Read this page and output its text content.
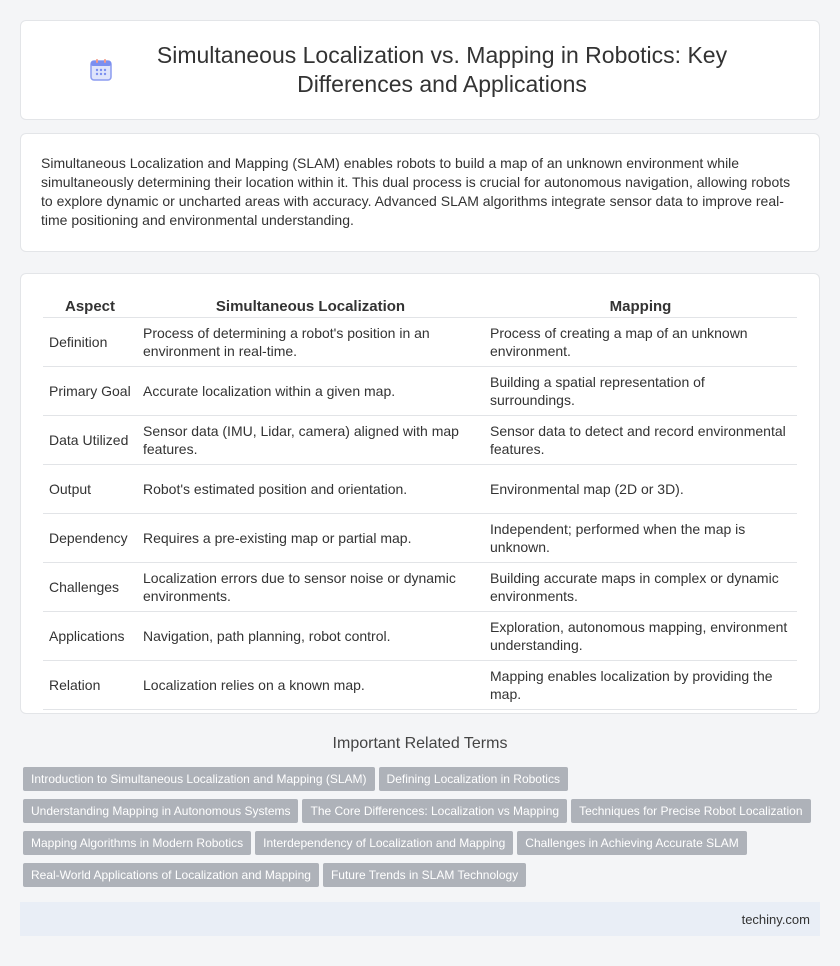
Simultaneous Localization vs. Mapping in Robotics: Key Differences and Applications

Simultaneous Localization and Mapping (SLAM) enables robots to build a map of an unknown environment while simultaneously determining their location within it. This dual process is crucial for autonomous navigation, allowing robots to explore dynamic or uncharted areas with accuracy. Advanced SLAM algorithms integrate sensor data to improve real-time positioning and environmental understanding.

Aspect	Simultaneous Localization	Mapping
Definition	Process of determining a robot's position in an environment in real-time.	Process of creating a map of an unknown environment.
Primary Goal	Accurate localization within a given map.	Building a spatial representation of surroundings.
Data Utilized	Sensor data (IMU, Lidar, camera) aligned with map features.	Sensor data to detect and record environmental features.
Output	Robot's estimated position and orientation.	Environmental map (2D or 3D).
Dependency	Requires a pre-existing map or partial map.	Independent; performed when the map is unknown.
Challenges	Localization errors due to sensor noise or dynamic environments.	Building accurate maps in complex or dynamic environments.
Applications	Navigation, path planning, robot control.	Exploration, autonomous mapping, environment understanding.
Relation	Localization relies on a known map.	Mapping enables localization by providing the map.
Important Related Terms
Introduction to Simultaneous Localization and Mapping (SLAM) Defining Localization in Robotics
Understanding Mapping in Autonomous Systems The Core Differences: Localization vs Mapping Techniques for Precise Robot Localization
Mapping Algorithms in Modern Robotics Interdependency of Localization and Mapping Challenges in Achieving Accurate SLAM
Real-World Applications of Localization and Mapping Future Trends in SLAM Technology
techiny.com
